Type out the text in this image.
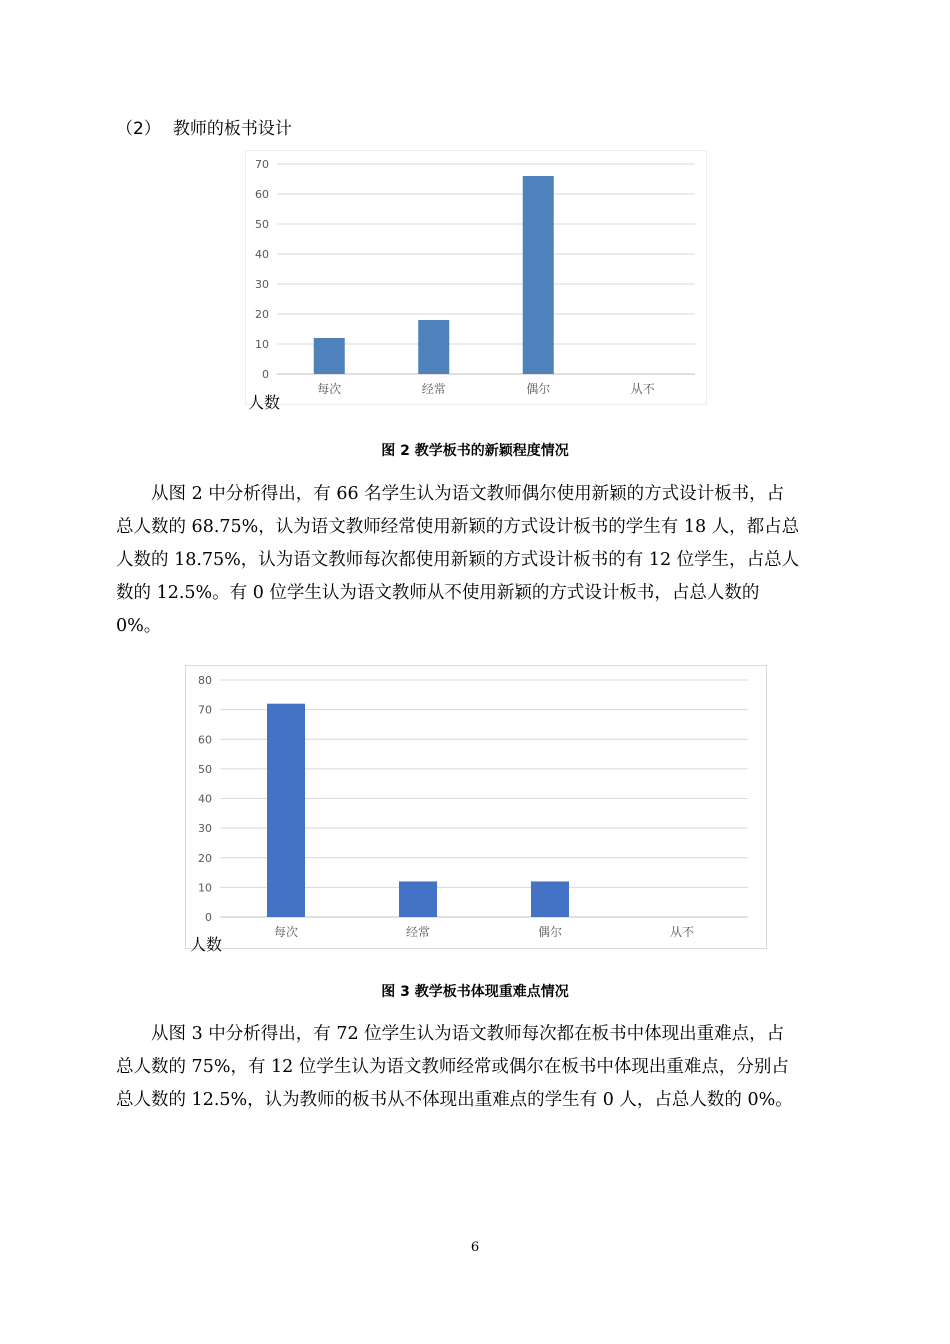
（2） 教师的板书设计
0
10
20
30
40
50
60
70
每次	经常	偶尔	从不
人数
图 2 教学板书的新颖程度情况
从图 2 中分析得出，有 66 名学生认为语文教师偶尔使用新颖的方式设计板书，占
总人数的 68.75%，认为语文教师经常使用新颖的方式设计板书的学生有 18 人，都占总
人数的 18.75%，认为语文教师每次都使用新颖的方式设计板书的有 12 位学生，占总人
数的 12.5%。有 0 位学生认为语文教师从不使用新颖的方式设计板书，占总人数的
0%。
0
10
20
30
40
50
60
70
80
每次	经常	偶尔	从不
人数
图 3 教学板书体现重难点情况
从图 3 中分析得出，有 72 位学生认为语文教师每次都在板书中体现出重难点，占
总人数的 75%，有 12 位学生认为语文教师经常或偶尔在板书中体现出重难点，分别占
总人数的 12.5%，认为教师的板书从不体现出重难点的学生有 0 人，占总人数的 0%。
6
